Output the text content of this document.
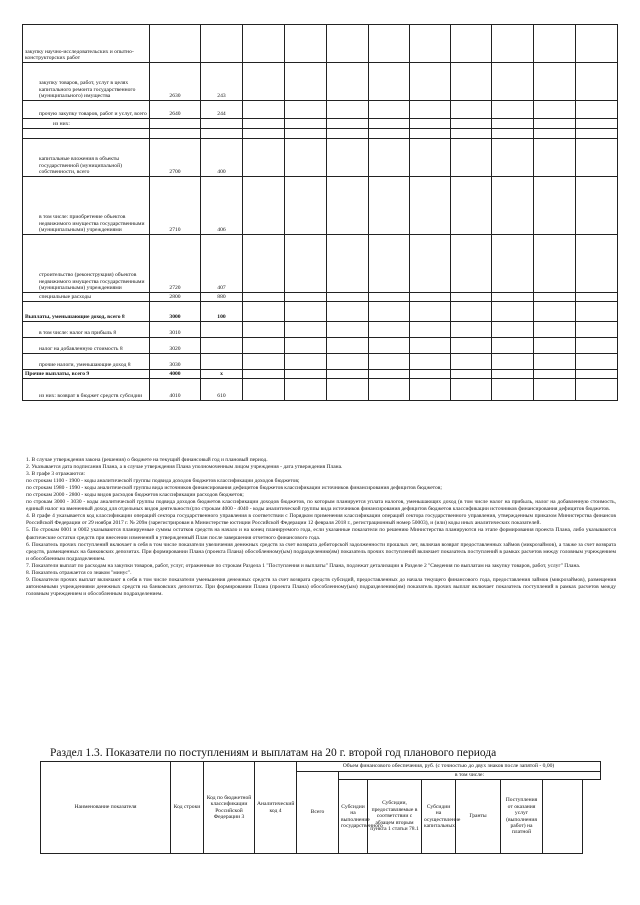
закупку научно-исследовательских и опытно-конструкторских работ											
закупку товаров, работ, услуг в целях капитального ремонта государственного (муниципального) имущества	2630	243									
прочую закупку товаров, работ и услуг, всего	2640	244									
из них:											

капитальные вложения в объекты государственной (муниципальной) собственности, всего	2700	400									
в том числе: приобретение объектов недвижимого имущества государственными (муниципальными) учреждениями	2710	406									
строительство (реконструкция) объектов недвижимого имущества государственными (муниципальными) учреждениями	2720	407									
специальные расходы	2800	880									
Выплаты, уменьшающие доход, всего 8	3000	100									
в том числе: налог на прибыль 8	3010										
налог на добавленную стоимость 8	3020										
прочие налоги, уменьшающие доход 8	3030										
Прочие выплаты, всего 9	4000	x									
из них: возврат в бюджет средств субсидии	4010	610									

1. В случае утверждения закона (решения) о бюджете на текущий финансовый год и плановый период.

2. Указывается дата подписания Плана, а в случае утверждения Плана уполномоченным лицом учреждения - дата утверждения Плана.

3. В графе 3 отражаются:

по строкам 1100 - 1900 - коды аналитической группы подвида доходов бюджетов классификации доходов бюджетов;

по строкам 1980 - 1990 - коды аналитической группы вида источников финансирования дефицитов бюджетов классификации источников финансирования дефицитов бюджетов;

по строкам 2000 - 2800 - коды видов расходов бюджетов классификации расходов бюджетов;

по строкам 3000 - 3030 - коды аналитической группы подвида доходов бюджетов классификации доходов бюджетов, по которым планируется уплата налогов, уменьшающих доход (в том числе налог на прибыль, налог на добавленную стоимость, единый налог на вмененный доход для отдельных видов деятельности);по строкам 4000 - 4040 - коды аналитической группы вида источников финансирования дефицитов бюджетов классификации источников финансирования дефицитов бюджетов.

4. В графе 4 указывается код классификации операций сектора государственного управления в соответствии с Порядком применения классификации операций сектора государственного управления, утвержденным приказом Министерства финансов Российской Федерации от 29 ноября 2017 г. № 209н (зарегистрирован в Министерстве юстиции Российской Федерации 12 февраля 2018 г., регистрационный номер 50003), и (или) коды иных аналитических показателей.

5. По строкам 0001 и 0002 указываются планируемые суммы остатков средств на начало и на конец планируемого года, если указанные показатели по решению Министерства планируются на этапе формирования проекта Плана, либо указываются фактические остатки средств при внесении изменений в утвержденный План после завершения отчетного финансового года.

6. Показатель прочих поступлений включает в себя в том числе показатели увеличения денежных средств за счет возврата дебиторской задолженности прошлых лет, включая возврат предоставленных займов (микрозаймов), а также за счет возврата средств, размещенных на банковских депозитах. При формировании Плана (проекта Плана) обособленному(ым) подразделению(ям) показатель прочих поступлений включает показатель поступлений в рамках расчетов между головным учреждением и обособленным подразделением.

7. Показатели выплат по расходам на закупки товаров, работ, услуг, отраженные по строкам Раздела 1 "Поступления и выплаты" Плана, подлежат детализации в Разделе 2 "Сведения по выплатам на закупку товаров, работ, услуг" Плана.

8. Показатель отражается со знаком "минус".

9. Показатели прочих выплат включают в себя в том числе показатели уменьшения денежных средств за счет возврата средств субсидий, предоставленных до начала текущего финансового года, предоставления займов (микрозаймов), размещения автономными учреждениями денежных средств на банковских депозитах. При формировании Плана (проекта Плана) обособленному(ым) подразделению(ям) показатель прочих выплат включает показатель поступлений в рамках расчетов между головным учреждением и обособленным подразделением.

Раздел 1.3. Показатели по поступлениям и выплатам на 20 г. второй год планового периода
Наименование показателя	Код строки	Код по бюджетной классификации Российской Федерации 3	Аналитический код 4	Объем финансового обеспечения, руб. (с точностью до двух знаков после запятой - 0,00)						
				Всего	в том числе:					
					Субсидии на выполнение государственного	Субсидии, предоставляемые в соответствии с абзацем вторым пункта 1 статьи 78.1	Субсидии на осуществление капитальных	Гранты	Поступления от оказания услуг (выполнения работ) на платной	
